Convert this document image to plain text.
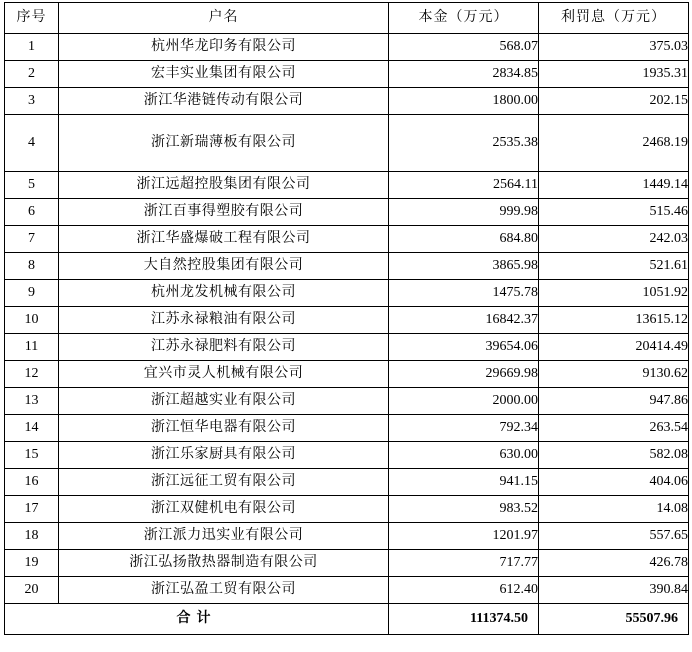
序号	户名	本金（万元）	利罚息（万元）
1	杭州华龙印务有限公司	568.07	375.03
2	宏丰实业集团有限公司	2834.85	1935.31
3	浙江华港链传动有限公司	1800.00	202.15
4	浙江新瑞薄板有限公司	2535.38	2468.19
5	浙江远超控股集团有限公司	2564.11	1449.14
6	浙江百事得塑胶有限公司	999.98	515.46
7	浙江华盛爆破工程有限公司	684.80	242.03
8	大自然控股集团有限公司	3865.98	521.61
9	杭州龙发机械有限公司	1475.78	1051.92
10	江苏永禄粮油有限公司	16842.37	13615.12
11	江苏永禄肥料有限公司	39654.06	20414.49
12	宜兴市灵人机械有限公司	29669.98	9130.62
13	浙江超越实业有限公司	2000.00	947.86
14	浙江恒华电器有限公司	792.34	263.54
15	浙江乐家厨具有限公司	630.00	582.08
16	浙江远征工贸有限公司	941.15	404.06
17	浙江双健机电有限公司	983.52	14.08
18	浙江派力迅实业有限公司	1201.97	557.65
19	浙江弘扬散热器制造有限公司	717.77	426.78
20	浙江弘盈工贸有限公司	612.40	390.84
合计		111374.50	55507.96
